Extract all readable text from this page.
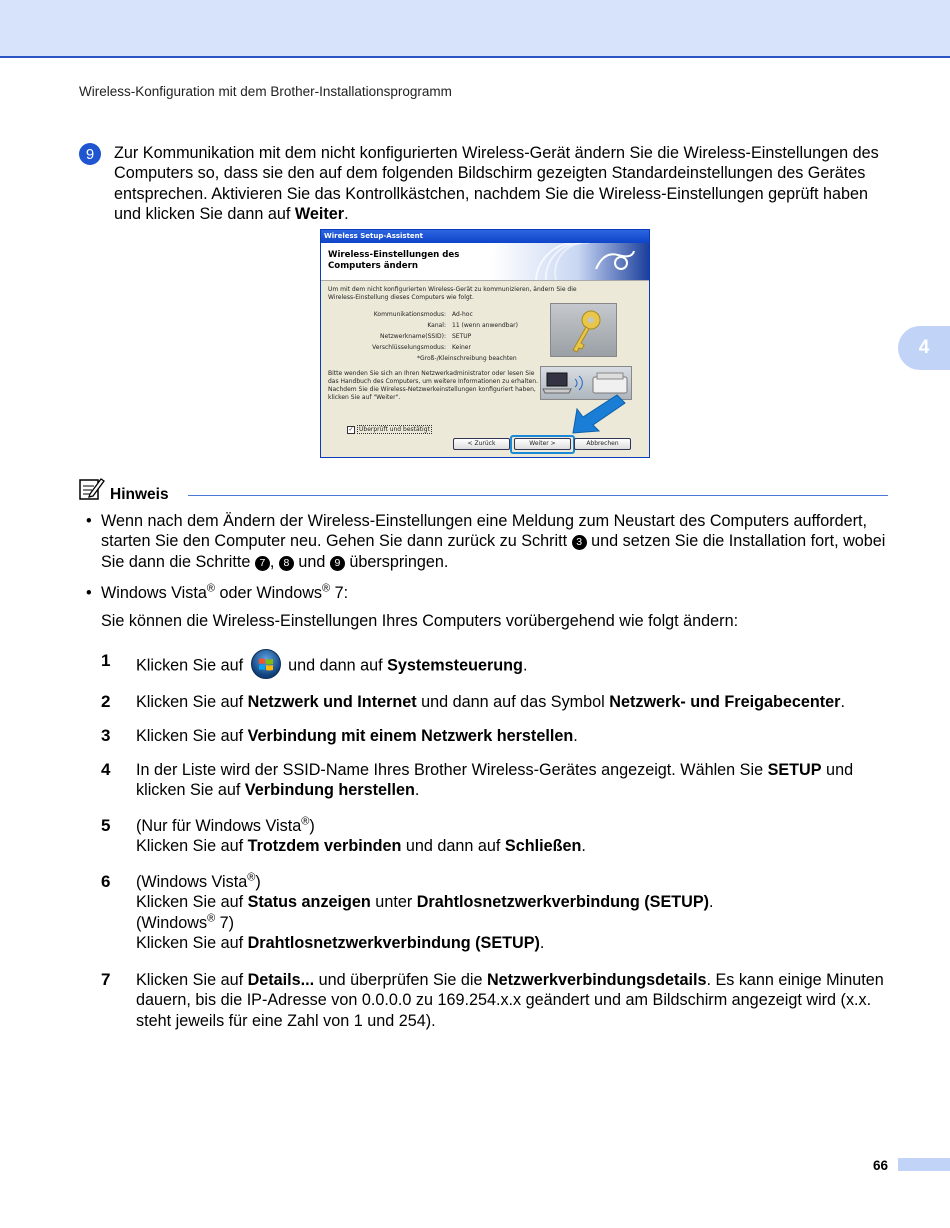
Wireless-Konfiguration mit dem Brother-Installationsprogramm
4
9	Zur Kommunikation mit dem nicht konfigurierten Wireless-Gerät ändern Sie die Wireless-Einstellungen des Computers so, dass sie den auf dem folgenden Bildschirm gezeigten Standardeinstellungen des Gerätes entsprechen. Aktivieren Sie das Kontrollkästchen, nachdem Sie die Wireless-Einstellungen geprüft haben und klicken Sie dann auf Weiter.
Wireless Setup-Assistent
Wireless-Einstellungen des Computers ändern
Um mit dem nicht konfigurierten Wireless-Gerät zu kommunizieren, ändern Sie die Wireless-Einstellung dieses Computers wie folgt.
Kommunikationsmodus: Ad-hoc
Kanal: 11 (wenn anwendbar)
Netzwerkname(SSID): SETUP
Verschlüsselungsmodus: Keiner
*Groß-/Kleinschreibung beachten
Bitte wenden Sie sich an Ihren Netzwerkadministrator oder lesen Sie das Handbuch des Computers, um weitere Informationen zu erhalten. Nachdem Sie die Wireless-Netzwerkeinstellungen konfiguriert haben, klicken Sie auf "Weiter".
✓ Überprüft und bestätigt
< Zurück	Weiter >	Abbrechen
Hinweis
• Wenn nach dem Ändern der Wireless-Einstellungen eine Meldung zum Neustart des Computers auffordert, starten Sie den Computer neu. Gehen Sie dann zurück zu Schritt 3 und setzen Sie die Installation fort, wobei Sie dann die Schritte 7 , 8 und 9 überspringen.
• Windows Vista® oder Windows® 7:
Sie können die Wireless-Einstellungen Ihres Computers vorübergehend wie folgt ändern:
1 Klicken Sie auf
und dann auf Systemsteuerung.
2 Klicken Sie auf Netzwerk und Internet und dann auf das Symbol Netzwerk- und Freigabecenter.
3 Klicken Sie auf Verbindung mit einem Netzwerk herstellen.
4 In der Liste wird der SSID-Name Ihres Brother Wireless-Gerätes angezeigt. Wählen Sie SETUP und klicken Sie auf Verbindung herstellen.
5 (Nur für Windows Vista®)
Klicken Sie auf Trotzdem verbinden und dann auf Schließen.
6 (Windows Vista®)
Klicken Sie auf Status anzeigen unter Drahtlosnetzwerkverbindung (SETUP).
(Windows® 7)
Klicken Sie auf Drahtlosnetzwerkverbindung (SETUP).
7 Klicken Sie auf Details... und überprüfen Sie die Netzwerkverbindungsdetails. Es kann einige Minuten dauern, bis die IP-Adresse von 0.0.0.0 zu 169.254.x.x geändert und am Bildschirm angezeigt wird (x.x. steht jeweils für eine Zahl von 1 und 254).
66
